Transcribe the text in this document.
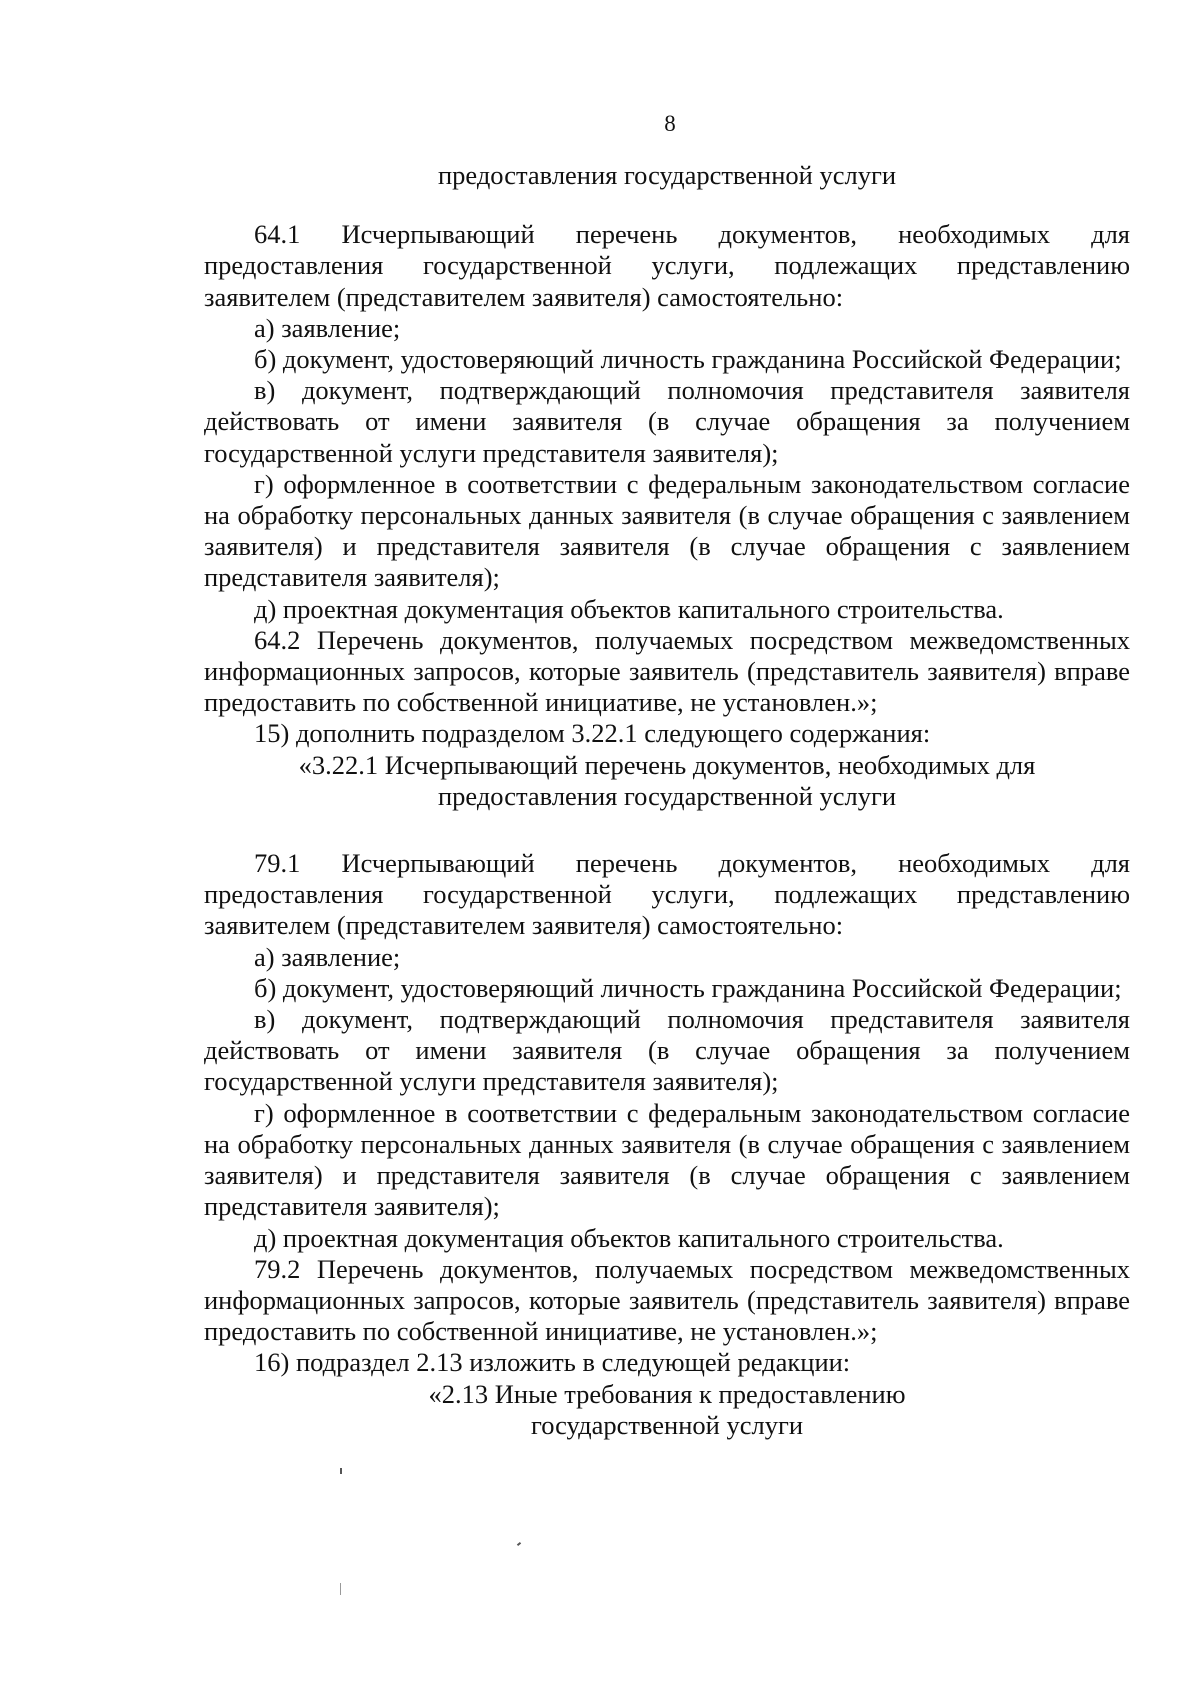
8

предоставления государственной услуги

64.1 Исчерпывающий перечень документов, необходимых для предоставления государственной услуги, подлежащих представлению заявителем (представителем заявителя) самостоятельно:

а) заявление;

б) документ, удостоверяющий личность гражданина Российской Федерации;

в) документ, подтверждающий полномочия представителя заявителя действовать от имени заявителя (в случае обращения за получением государственной услуги представителя заявителя);

г) оформленное в соответствии с федеральным законодательством согласие на обработку персональных данных заявителя (в случае обращения с заявлением заявителя) и представителя заявителя (в случае обращения с заявлением представителя заявителя);

д) проектная документация объектов капитального строительства.

64.2 Перечень документов, получаемых посредством межведомственных информационных запросов, которые заявитель (представитель заявителя) вправе предоставить по собственной инициативе, не установлен.»;

15) дополнить подразделом 3.22.1 следующего содержания:

«3.22.1 Исчерпывающий перечень документов, необходимых для

предоставления государственной услуги

79.1 Исчерпывающий перечень документов, необходимых для предоставления государственной услуги, подлежащих представлению заявителем (представителем заявителя) самостоятельно:

а) заявление;

б) документ, удостоверяющий личность гражданина Российской Федерации;

в) документ, подтверждающий полномочия представителя заявителя действовать от имени заявителя (в случае обращения за получением государственной услуги представителя заявителя);

г) оформленное в соответствии с федеральным законодательством согласие на обработку персональных данных заявителя (в случае обращения с заявлением заявителя) и представителя заявителя (в случае обращения с заявлением представителя заявителя);

д) проектная документация объектов капитального строительства.

79.2 Перечень документов, получаемых посредством межведомственных информационных запросов, которые заявитель (представитель заявителя) вправе предоставить по собственной инициативе, не установлен.»;

16) подраздел 2.13 изложить в следующей редакции:

«2.13 Иные требования к предоставлению

государственной услуги
